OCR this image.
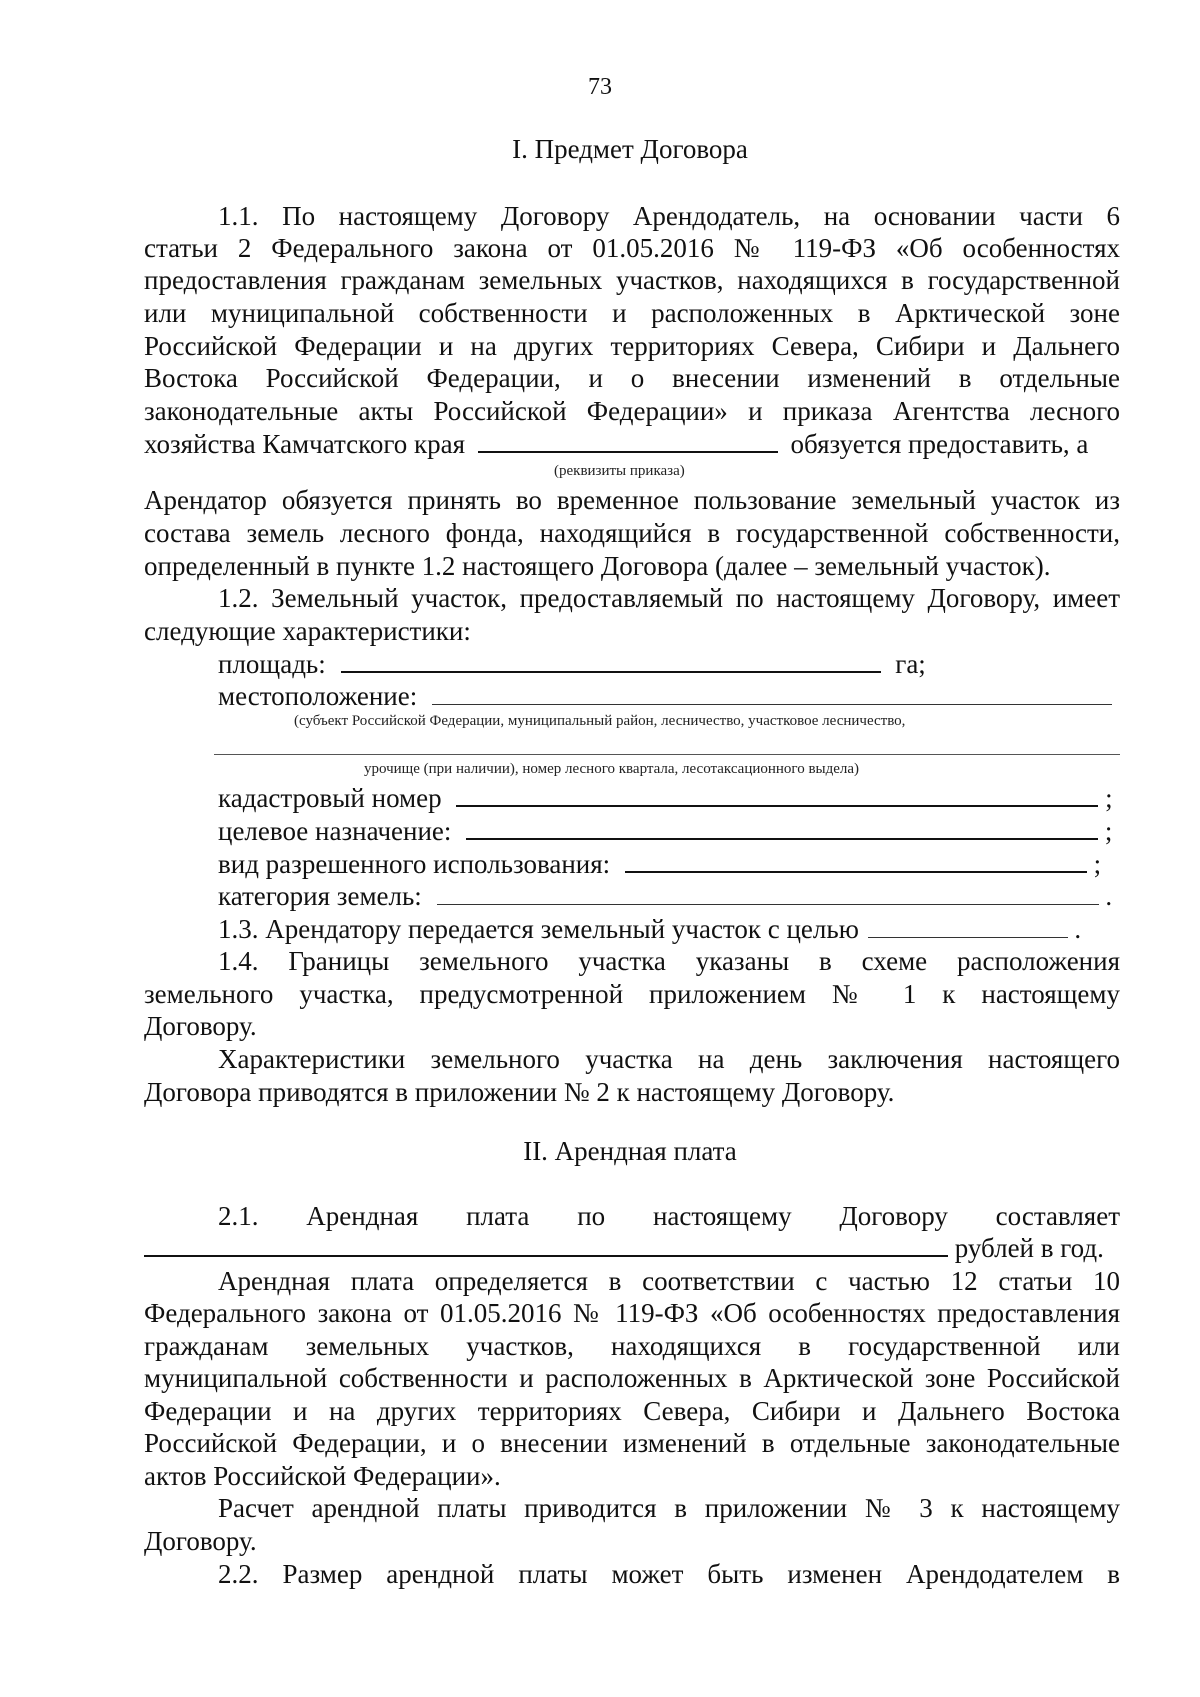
73
I. Предмет Договора
1.1. По настоящему Договору Арендодатель, на основании части 6
статьи 2 Федерального закона от 01.05.2016 № 119-ФЗ «Об особенностях
предоставления гражданам земельных участков, находящихся в государственной
или муниципальной собственности и расположенных в Арктической зоне
Российской Федерации и на других территориях Севера, Сибири и Дальнего
Востока Российской Федерации, и о внесении изменений в отдельные
законодательные акты Российской Федерации» и приказа Агентства лесного
хозяйства Камчатского края	обязуется предоставить, а
(реквизиты приказа)
Арендатор обязуется принять во временное пользование земельный участок из
состава земель лесного фонда, находящийся в государственной собственности,
определенный в пункте 1.2 настоящего Договора (далее – земельный участок).
1.2. Земельный участок, предоставляемый по настоящему Договору, имеет
следующие характеристики:
площадь:	га;
местоположение:
(субъект Российской Федерации, муниципальный район, лесничество, участковое лесничество,
урочище (при наличии), номер лесного квартала, лесотаксационного выдела)
кадастровый номер	;
целевое назначение:	;
вид разрешенного использования:	;
категория земель:	.
1.3. Арендатору передается земельный участок с целью	.
1.4. Границы земельного участка указаны в схеме расположения
земельного участка, предусмотренной приложением № 1 к настоящему
Договору.
Характеристики земельного участка на день заключения настоящего
Договора приводятся в приложении № 2 к настоящему Договору.
II. Арендная плата
2.1. Арендная плата по настоящему Договору составляет
рублей в год.
Арендная плата определяется в соответствии с частью 12 статьи 10
Федерального закона от 01.05.2016 № 119-ФЗ «Об особенностях предоставления
гражданам земельных участков, находящихся в государственной или
муниципальной собственности и расположенных в Арктической зоне Российской
Федерации и на других территориях Севера, Сибири и Дальнего Востока
Российской Федерации, и о внесении изменений в отдельные законодательные
актов Российской Федерации».
Расчет арендной платы приводится в приложении № 3 к настоящему
Договору.
2.2. Размер арендной платы может быть изменен Арендодателем в
